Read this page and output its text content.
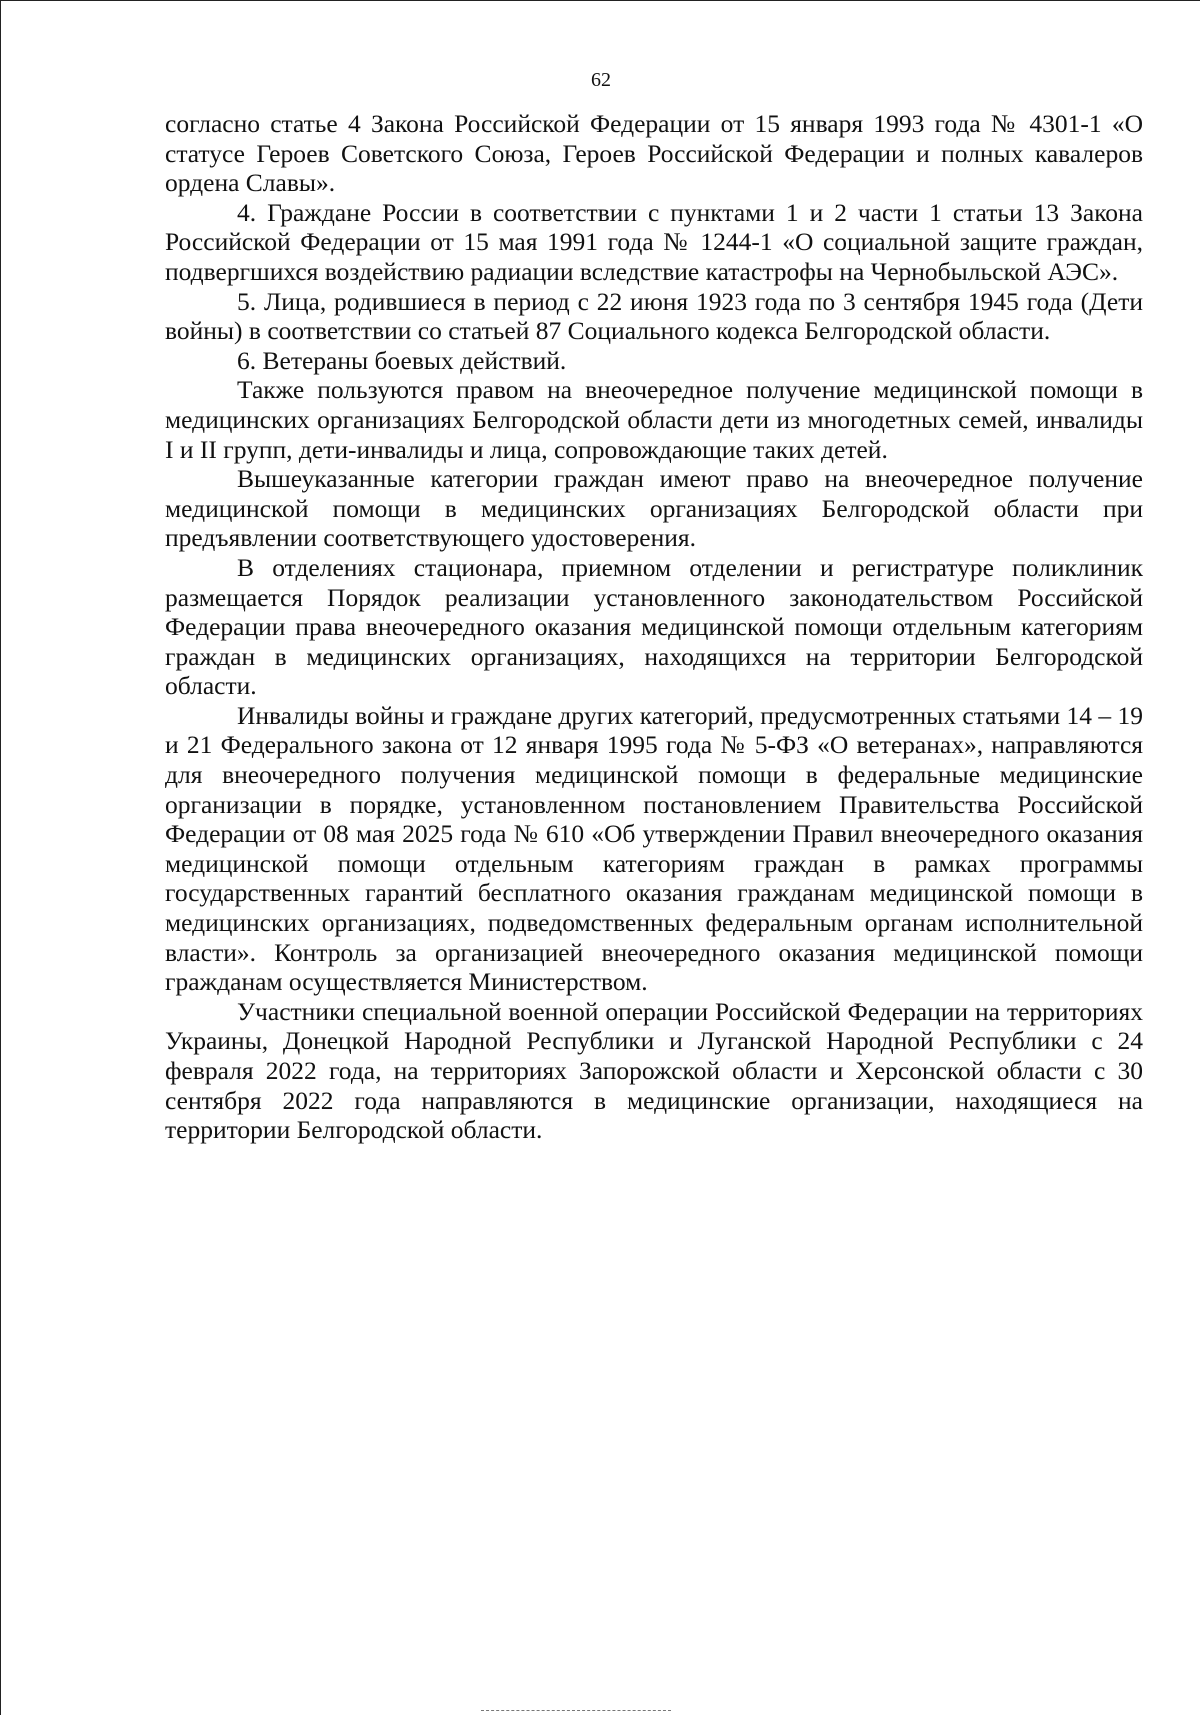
62

согласно статье 4 Закона Российской Федерации от 15 января 1993 года № 4301-1 «О статусе Героев Советского Союза, Героев Российской Федерации и полных кавалеров ордена Славы».

4. Граждане России в соответствии с пунктами 1 и 2 части 1 статьи 13 Закона Российской Федерации от 15 мая 1991 года № 1244-1 «О социальной защите граждан, подвергшихся воздействию радиации вследствие катастрофы на Чернобыльской АЭС».

5. Лица, родившиеся в период с 22 июня 1923 года по 3 сентября 1945 года (Дети войны) в соответствии со статьей 87 Социального кодекса Белгородской области.

6. Ветераны боевых действий.

Также пользуются правом на внеочередное получение медицинской помощи в медицинских организациях Белгородской области дети из многодетных семей, инвалиды I и II групп, дети-инвалиды и лица, сопровождающие таких детей.

Вышеуказанные категории граждан имеют право на внеочередное получение медицинской помощи в медицинских организациях Белгородской области при предъявлении соответствующего удостоверения.

В отделениях стационара, приемном отделении и регистратуре поликлиник размещается Порядок реализации установленного законодательством Российской Федерации права внеочередного оказания медицинской помощи отдельным категориям граждан в медицинских организациях, находящихся на территории Белгородской области.

Инвалиды войны и граждане других категорий, предусмотренных статьями 14 – 19 и 21 Федерального закона от 12 января 1995 года № 5-ФЗ «О ветеранах», направляются для внеочередного получения медицинской помощи в федеральные медицинские организации в порядке, установленном постановлением Правительства Российской Федерации от 08 мая 2025 года № 610 «Об утверждении Правил внеочередного оказания медицинской помощи отдельным категориям граждан в рамках программы государственных гарантий бесплатного оказания гражданам медицинской помощи в медицинских организациях, подведомственных федеральным органам исполнительной власти». Контроль за организацией внеочередного оказания медицинской помощи гражданам осуществляется Министерством.

Участники специальной военной операции Российской Федерации на территориях Украины, Донецкой Народной Республики и Луганской Народной Республики с 24 февраля 2022 года, на территориях Запорожской области и Херсонской области с 30 сентября 2022 года направляются в медицинские организации, находящиеся на территории Белгородской области.
